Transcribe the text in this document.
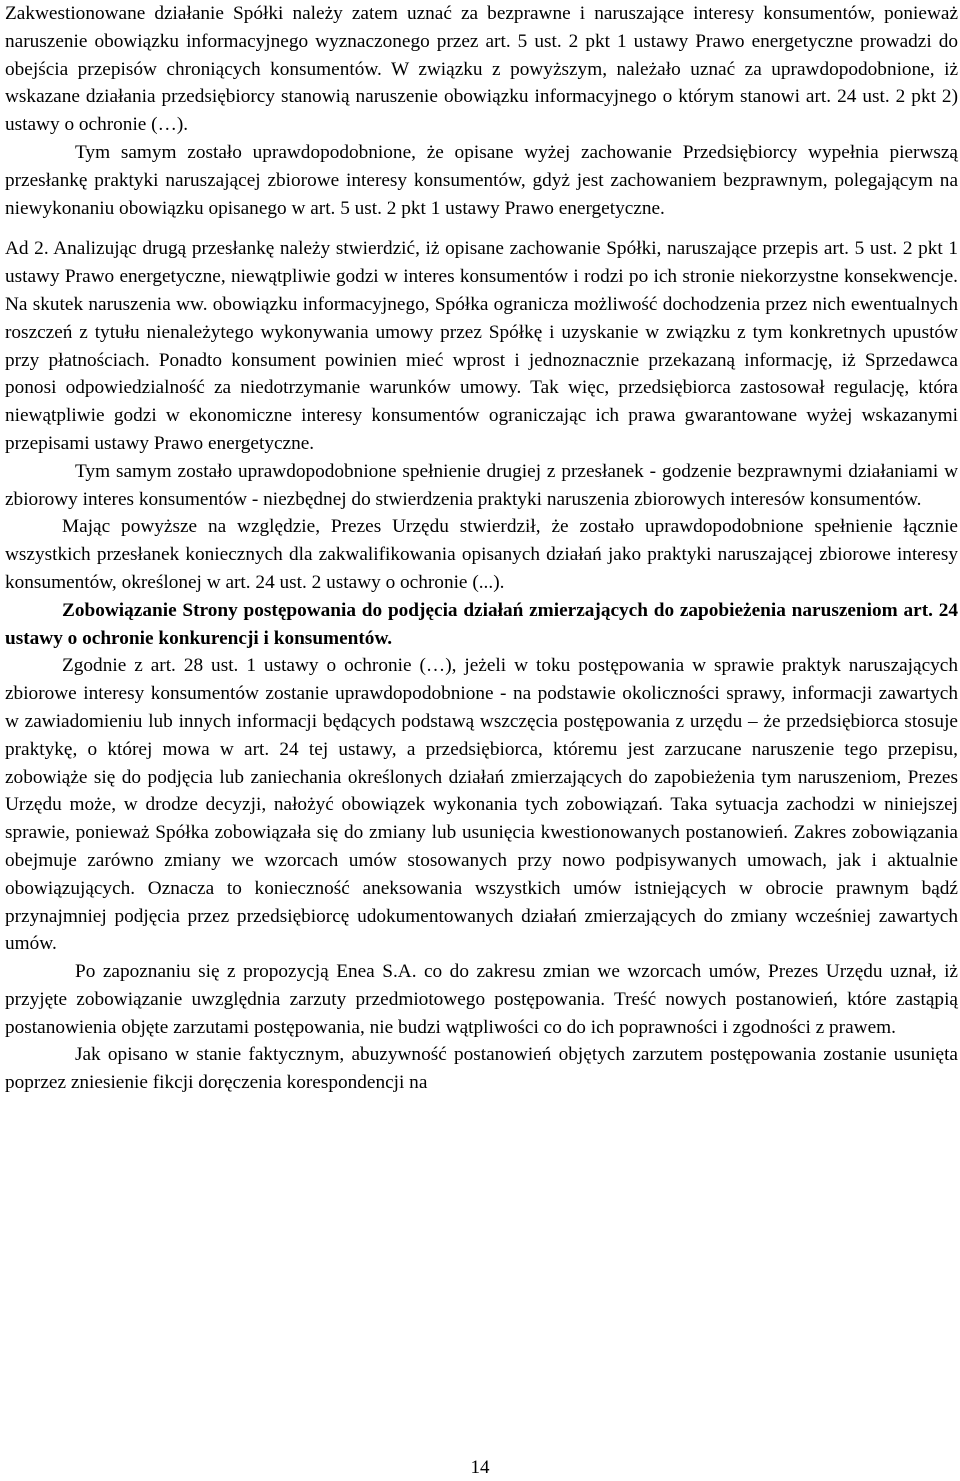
Zakwestionowane działanie Spółki należy zatem uznać za bezprawne i naruszające interesy konsumentów, ponieważ naruszenie obowiązku informacyjnego wyznaczonego przez art. 5 ust. 2 pkt 1 ustawy Prawo energetyczne prowadzi do obejścia przepisów chroniących konsumentów. W związku z powyższym, należało uznać za uprawdopodobnione, iż wskazane działania przedsiębiorcy stanowią naruszenie obowiązku informacyjnego o którym stanowi art. 24 ust. 2 pkt 2) ustawy o ochronie (…).

Tym samym zostało uprawdopodobnione, że opisane wyżej zachowanie Przedsiębiorcy wypełnia pierwszą przesłankę praktyki naruszającej zbiorowe interesy konsumentów, gdyż jest zachowaniem bezprawnym, polegającym na niewykonaniu obowiązku opisanego w art. 5 ust. 2 pkt 1 ustawy Prawo energetyczne.

Ad 2. Analizując drugą przesłankę należy stwierdzić, iż opisane zachowanie Spółki, naruszające przepis art. 5 ust. 2 pkt 1 ustawy Prawo energetyczne, niewątpliwie godzi w interes konsumentów i rodzi po ich stronie niekorzystne konsekwencje. Na skutek naruszenia ww. obowiązku informacyjnego, Spółka ogranicza możliwość dochodzenia przez nich ewentualnych roszczeń z tytułu nienależytego wykonywania umowy przez Spółkę i uzyskanie w związku z tym konkretnych upustów przy płatnościach. Ponadto konsument powinien mieć wprost i jednoznacznie przekazaną informację, iż Sprzedawca ponosi odpowiedzialność za niedotrzymanie warunków umowy. Tak więc, przedsiębiorca zastosował regulację, która niewątpliwie godzi w ekonomiczne interesy konsumentów ograniczając ich prawa gwarantowane wyżej wskazanymi przepisami ustawy Prawo energetyczne.

Tym samym zostało uprawdopodobnione spełnienie drugiej z przesłanek - godzenie bezprawnymi działaniami w zbiorowy interes konsumentów - niezbędnej do stwierdzenia praktyki naruszenia zbiorowych interesów konsumentów.

Mając powyższe na względzie, Prezes Urzędu stwierdził, że zostało uprawdopodobnione spełnienie łącznie wszystkich przesłanek koniecznych dla zakwalifikowania opisanych działań jako praktyki naruszającej zbiorowe interesy konsumentów, określonej w art. 24 ust. 2 ustawy o ochronie (...).

Zobowiązanie Strony postępowania do podjęcia działań zmierzających do zapobieżenia naruszeniom art. 24 ustawy o ochronie konkurencji i konsumentów.

Zgodnie z art. 28 ust. 1 ustawy o ochronie (…), jeżeli w toku postępowania w sprawie praktyk naruszających zbiorowe interesy konsumentów zostanie uprawdopodobnione - na podstawie okoliczności sprawy, informacji zawartych w zawiadomieniu lub innych informacji będących podstawą wszczęcia postępowania z urzędu – że przedsiębiorca stosuje praktykę, o której mowa w art. 24 tej ustawy, a przedsiębiorca, któremu jest zarzucane naruszenie tego przepisu, zobowiąże się do podjęcia lub zaniechania określonych działań zmierzających do zapobieżenia tym naruszeniom, Prezes Urzędu może, w drodze decyzji, nałożyć obowiązek wykonania tych zobowiązań. Taka sytuacja zachodzi w niniejszej sprawie, ponieważ Spółka zobowiązała się do zmiany lub usunięcia kwestionowanych postanowień. Zakres zobowiązania obejmuje zarówno zmiany we wzorcach umów stosowanych przy nowo podpisywanych umowach, jak i aktualnie obowiązujących. Oznacza to konieczność aneksowania wszystkich umów istniejących w obrocie prawnym bądź przynajmniej podjęcia przez przedsiębiorcę udokumentowanych działań zmierzających do zmiany wcześniej zawartych umów.

Po zapoznaniu się z propozycją Enea S.A. co do zakresu zmian we wzorcach umów, Prezes Urzędu uznał, iż przyjęte zobowiązanie uwzględnia zarzuty przedmiotowego postępowania. Treść nowych postanowień, które zastąpią postanowienia objęte zarzutami postępowania, nie budzi wątpliwości co do ich poprawności i zgodności z prawem.

Jak opisano w stanie faktycznym, abuzywność postanowień objętych zarzutem postępowania zostanie usunięta poprzez zniesienie fikcji doręczenia korespondencji na

14
